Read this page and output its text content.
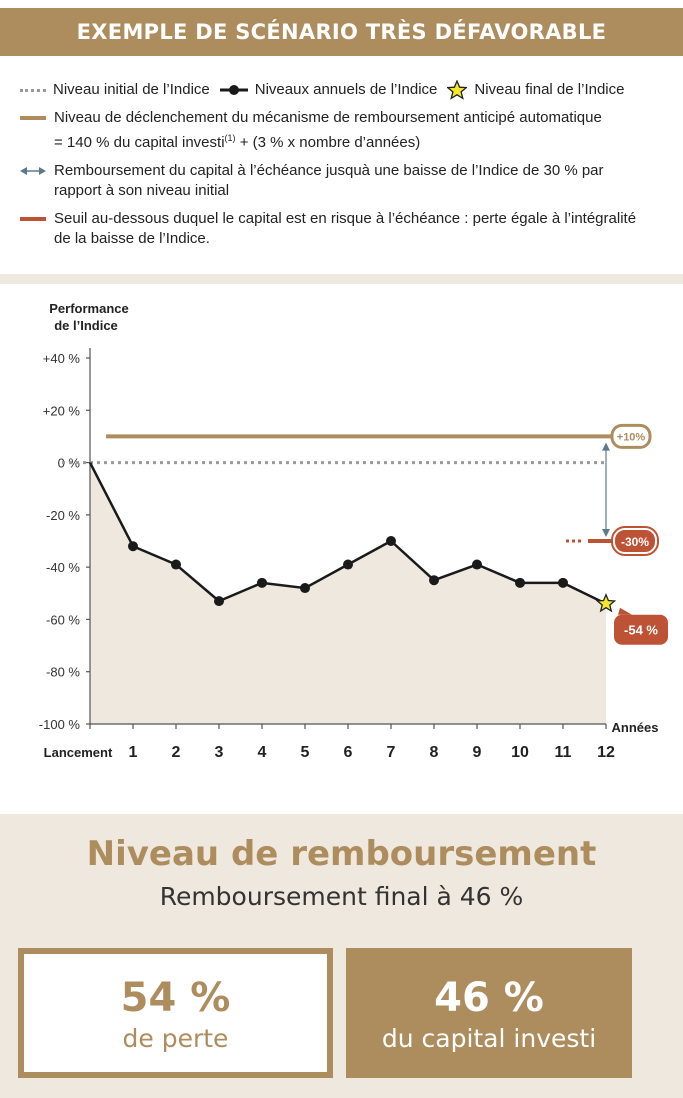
EXEMPLE DE SCÉNARIO TRÈS DÉFAVORABLE
Niveau initial de l’Indice	Niveaux annuels de l’Indice Niveau final de l’Indice
Niveau de déclenchement du mécanisme de remboursement anticipé automatique
= 140 % du capital investi$^{(1)}$ + (3 % x nombre d’années)
Remboursement du capital à l’échéance jusquà une baisse de l’Indice de 30 % par
rapport à son niveau initial
Seuil au-dessous duquel le capital est en risque à l’échéance : perte égale à l’intégralité
de la baisse de l’Indice.
Performance
de l’Indice
+40 %
+20 %
0 %
-20 %
-40 %
-60 %
-80 %
-100 %
Lancement 1 2 3 4 5 6 7 8 9 10 11 12
Années
+10%
-30%
-54 %
Niveau de remboursement
Remboursement final à 46 %
54 %
de perte
46 %
du capital investi
